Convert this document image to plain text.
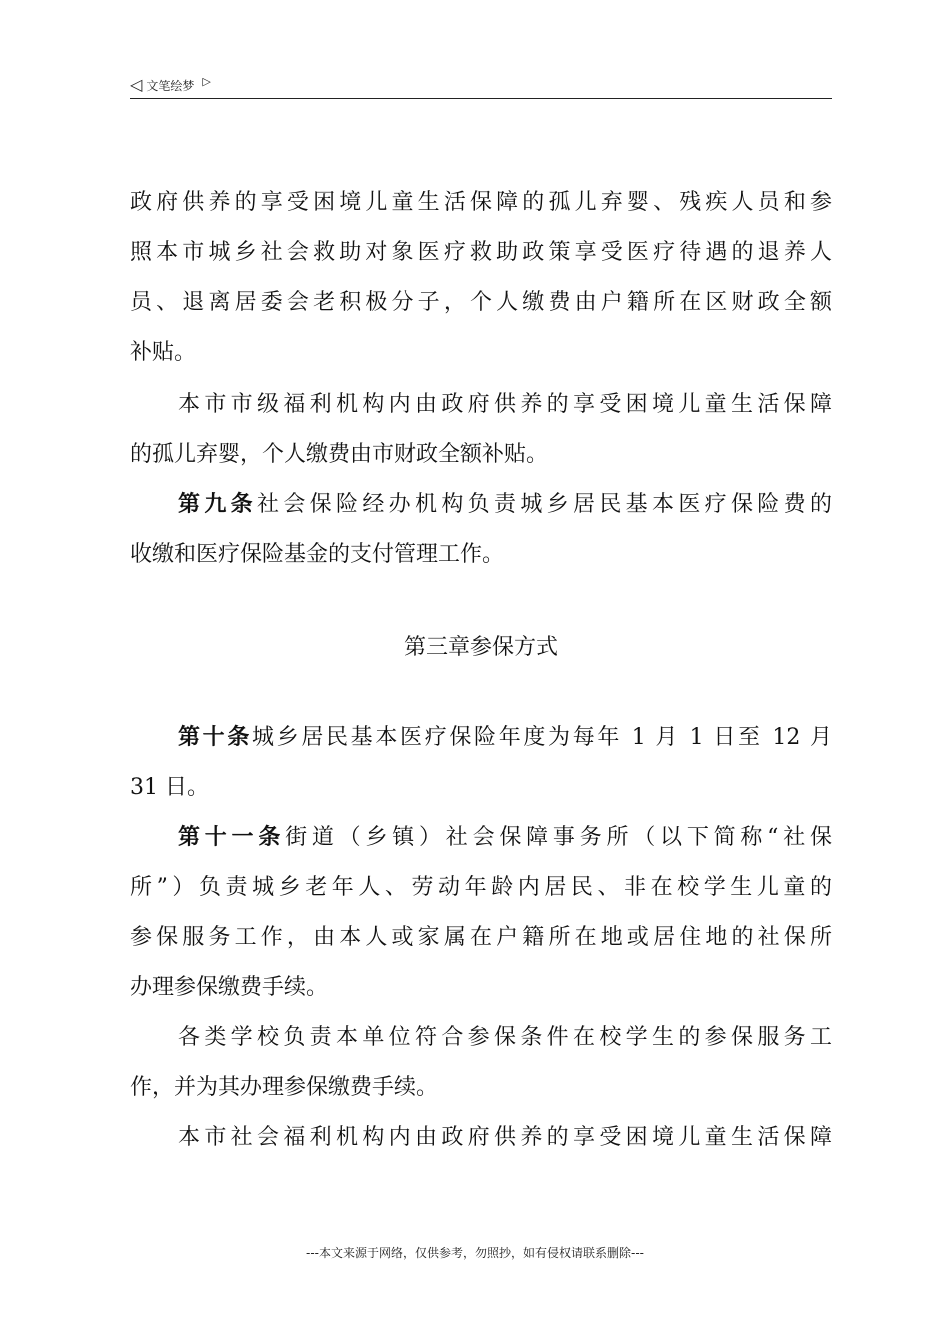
◁ 文笔绘梦 ▷
政府供养的享受困境儿童生活保障的孤儿弃婴、残疾人员和参
照本市城乡社会救助对象医疗救助政策享受医疗待遇的退养人
员、退离居委会老积极分子，个人缴费由户籍所在区财政全额
补贴。
本市市级福利机构内由政府供养的享受困境儿童生活保障
的孤儿弃婴，个人缴费由市财政全额补贴。
第九条社会保险经办机构负责城乡居民基本医疗保险费的
收缴和医疗保险基金的支付管理工作。
第三章参保方式
第十条城乡居民基本医疗保险年度为每年 1 月 1 日至 12 月
31 日。
第十一条街道（乡镇）社会保障事务所（以下简称“社保
所”）负责城乡老年人、劳动年龄内居民、非在校学生儿童的
参保服务工作，由本人或家属在户籍所在地或居住地的社保所
办理参保缴费手续。
各类学校负责本单位符合参保条件在校学生的参保服务工
作，并为其办理参保缴费手续。
本市社会福利机构内由政府供养的享受困境儿童生活保障
---本文来源于网络，仅供参考，勿照抄，如有侵权请联系删除---
